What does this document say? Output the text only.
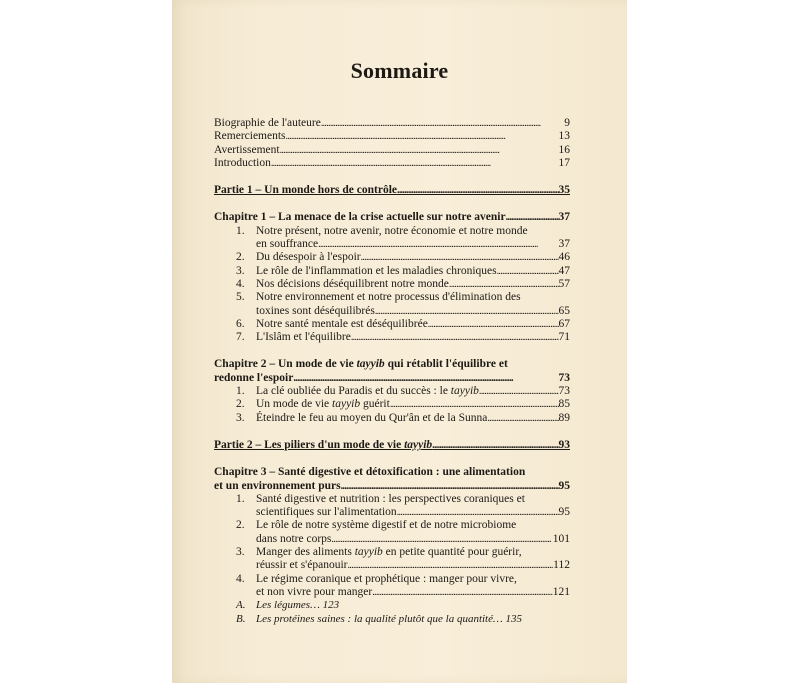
Sommaire
Biographie de l'auteure . . .	9
Remerciements . . .	13
Avertissement . . .	16
Introduction . . .	17
Partie 1 – Un monde hors de contrôle . . .	35
Chapitre 1 – La menace de la crise actuelle sur notre avenir . . .	37
1. Notre présent, notre avenir, notre économie et notre monde
en souffrance . . .	37
2. Du désespoir à l'espoir . . .	46
3. Le rôle de l'inflammation et les maladies chroniques . . .	47
4. Nos décisions déséquilibrent notre monde . . .	57
5. Notre environnement et notre processus d'élimination des
toxines sont déséquilibrés . . .	65
6. Notre santé mentale est déséquilibrée . . .	67
7. L'Islâm et l'équilibre . . .	71
Chapitre 2 – Un mode de vie tayyib qui rétablit l'équilibre et
redonne l'espoir . . .	73
1. La clé oubliée du Paradis et du succès : le tayyib . . .	73
2. Un mode de vie tayyib guérit . . .	85
3. Éteindre le feu au moyen du Qur'ân et de la Sunna . . .	89
Partie 2 – Les piliers d'un mode de vie tayyib . . .	93
Chapitre 3 – Santé digestive et détoxification : une alimentation
et un environnement purs . . .	95
1. Santé digestive et nutrition : les perspectives coraniques et
scientifiques sur l'alimentation . . .	95
2. Le rôle de notre système digestif et de notre microbiome
dans notre corps . . .	101
3. Manger des aliments tayyib en petite quantité pour guérir,
réussir et s'épanouir . . .	112
4. Le régime coranique et prophétique : manger pour vivre,
et non vivre pour manger . . .	121
A. Les légumes… 123
B. Les protéines saines : la qualité plutôt que la quantité… 135
